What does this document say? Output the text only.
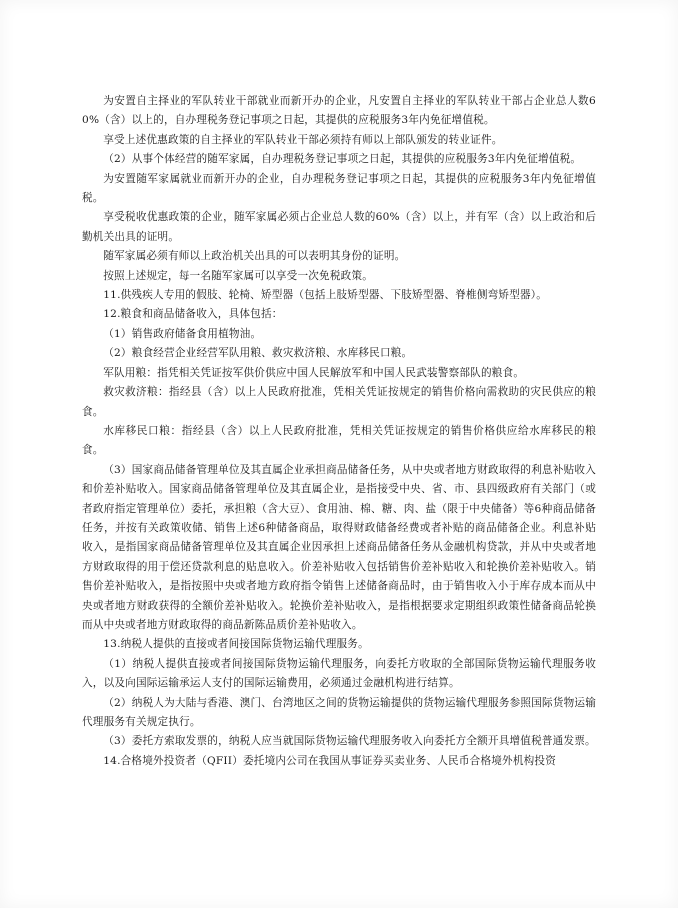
为安置自主择业的军队转业干部就业而新开办的企业，凡安置自主择业的军队转业干部占企业总人数60%（含）以上的，自办理税务登记事项之日起，其提供的应税服务3年内免征增值税。

享受上述优惠政策的自主择业的军队转业干部必须持有师以上部队颁发的转业证件。

（2）从事个体经营的随军家属，自办理税务登记事项之日起，其提供的应税服务3年内免征增值税。

为安置随军家属就业而新开办的企业，自办理税务登记事项之日起，其提供的应税服务3年内免征增值税。

享受税收优惠政策的企业，随军家属必须占企业总人数的60%（含）以上，并有军（含）以上政治和后勤机关出具的证明。

随军家属必须有师以上政治机关出具的可以表明其身份的证明。

按照上述规定，每一名随军家属可以享受一次免税政策。

11.供残疾人专用的假肢、轮椅、矫型器（包括上肢矫型器、下肢矫型器、脊椎侧弯矫型器）。

12.粮食和商品储备收入，具体包括：

（1）销售政府储备食用植物油。

（2）粮食经营企业经营军队用粮、救灾救济粮、水库移民口粮。

军队用粮：指凭相关凭证按军供价供应中国人民解放军和中国人民武装警察部队的粮食。

救灾救济粮：指经县（含）以上人民政府批准，凭相关凭证按规定的销售价格向需救助的灾民供应的粮食。

水库移民口粮：指经县（含）以上人民政府批准，凭相关凭证按规定的销售价格供应给水库移民的粮食。

（3）国家商品储备管理单位及其直属企业承担商品储备任务，从中央或者地方财政取得的利息补贴收入和价差补贴收入。国家商品储备管理单位及其直属企业，是指接受中央、省、市、县四级政府有关部门（或者政府指定管理单位）委托，承担粮（含大豆）、食用油、棉、糖、肉、盐（限于中央储备）等6种商品储备任务，并按有关政策收储、销售上述6种储备商品，取得财政储备经费或者补贴的商品储备企业。利息补贴收入，是指国家商品储备管理单位及其直属企业因承担上述商品储备任务从金融机构贷款，并从中央或者地方财政取得的用于偿还贷款利息的贴息收入。价差补贴收入包括销售价差补贴收入和轮换价差补贴收入。销售价差补贴收入，是指按照中央或者地方政府指令销售上述储备商品时，由于销售收入小于库存成本而从中央或者地方财政获得的全额价差补贴收入。轮换价差补贴收入，是指根据要求定期组织政策性储备商品轮换而从中央或者地方财政取得的商品新陈品质价差补贴收入。

13.纳税人提供的直接或者间接国际货物运输代理服务。

（1）纳税人提供直接或者间接国际货物运输代理服务，向委托方收取的全部国际货物运输代理服务收入，以及向国际运输承运人支付的国际运输费用，必须通过金融机构进行结算。

（2）纳税人为大陆与香港、澳门、台湾地区之间的货物运输提供的货物运输代理服务参照国际货物运输代理服务有关规定执行。

（3）委托方索取发票的，纳税人应当就国际货物运输代理服务收入向委托方全额开具增值税普通发票。

14.合格境外投资者（QFII）委托境内公司在我国从事证券买卖业务、人民币合格境外机构投资
